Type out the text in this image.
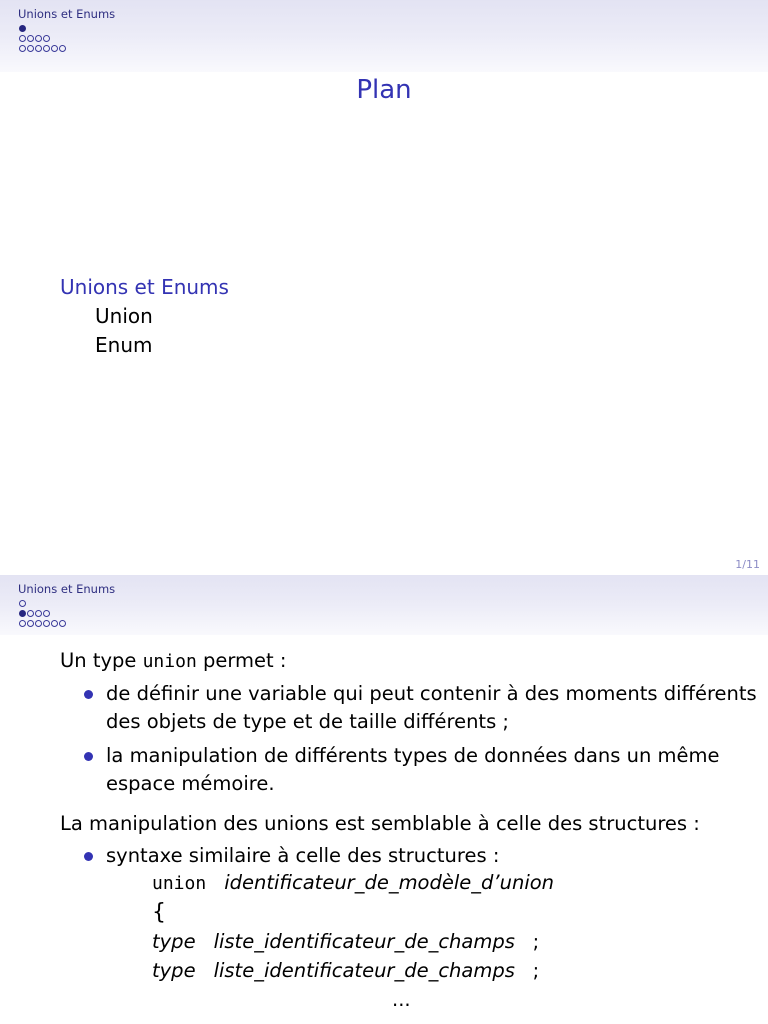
Unions et Enums
Plan
Unions et Enums
Union
Enum
1/11
Unions et Enums
Un type union permet :
de définir une variable qui peut contenir à des moments différents des objets de type et de taille différents ;
la manipulation de différents types de données dans un même espace mémoire.
La manipulation des unions est semblable à celle des structures :
syntaxe similaire à celle des structures :
union identificateur_de_modèle_d’union
{
type liste_identificateur_de_champs ;
type liste_identificateur_de_champs ;
...
